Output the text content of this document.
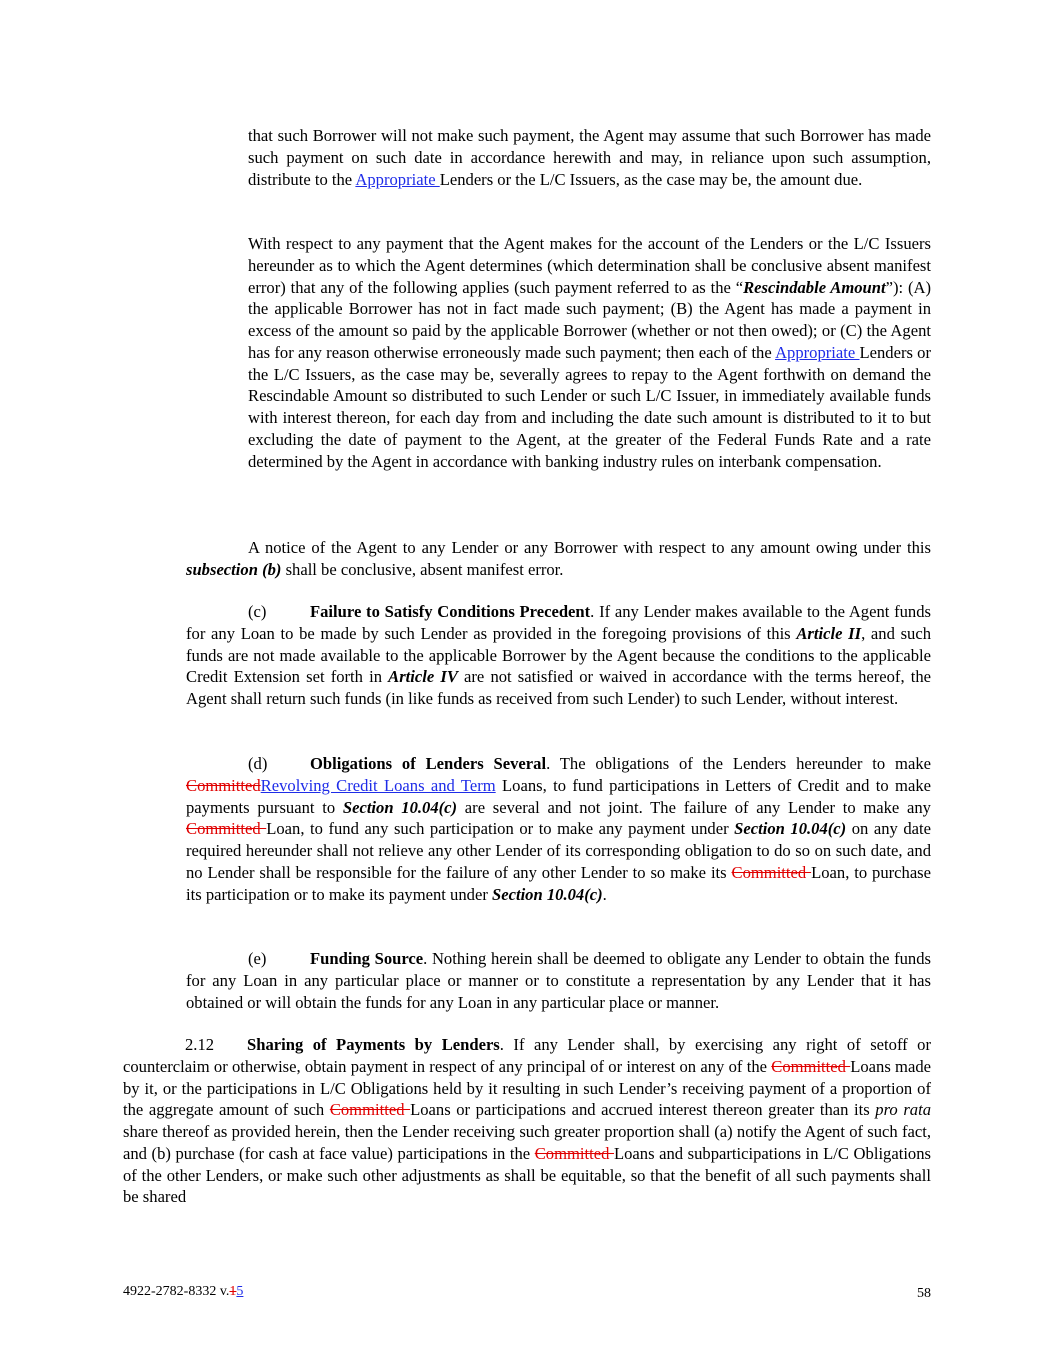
that such Borrower will not make such payment, the Agent may assume that such Borrower has made such payment on such date in accordance herewith and may, in reliance upon such assumption, distribute to the Appropriate Lenders or the L/C Issuers, as the case may be, the amount due.

With respect to any payment that the Agent makes for the account of the Lenders or the L/C Issuers hereunder as to which the Agent determines (which determination shall be conclusive absent manifest error) that any of the following applies (such payment referred to as the “Rescindable Amount”): (A) the applicable Borrower has not in fact made such payment; (B) the Agent has made a payment in excess of the amount so paid by the applicable Borrower (whether or not then owed); or (C) the Agent has for any reason otherwise erroneously made such payment; then each of the Appropriate Lenders or the L/C Issuers, as the case may be, severally agrees to repay to the Agent forthwith on demand the Rescindable Amount so distributed to such Lender or such L/C Issuer, in immediately available funds with interest thereon, for each day from and including the date such amount is distributed to it to but excluding the date of payment to the Agent, at the greater of the Federal Funds Rate and a rate determined by the Agent in accordance with banking industry rules on interbank compensation.

A notice of the Agent to any Lender or any Borrower with respect to any amount owing under this subsection (b) shall be conclusive, absent manifest error.

(c)	Failure to Satisfy Conditions Precedent. If any Lender makes available to the Agent funds for any Loan to be made by such Lender as provided in the foregoing provisions of this Article II, and such funds are not made available to the applicable Borrower by the Agent because the conditions to the applicable Credit Extension set forth in Article IV are not satisfied or waived in accordance with the terms hereof, the Agent shall return such funds (in like funds as received from such Lender) to such Lender, without interest.

(d)	Obligations of Lenders Several. The obligations of the Lenders hereunder to make CommittedRevolving Credit Loans and Term Loans, to fund participations in Letters of Credit and to make payments pursuant to Section 10.04(c) are several and not joint. The failure of any Lender to make any Committed Loan, to fund any such participation or to make any payment under Section 10.04(c) on any date required hereunder shall not relieve any other Lender of its corresponding obligation to do so on such date, and no Lender shall be responsible for the failure of any other Lender to so make its Committed Loan, to purchase its participation or to make its payment under Section 10.04(c).

(e)	Funding Source. Nothing herein shall be deemed to obligate any Lender to obtain the funds for any Loan in any particular place or manner or to constitute a representation by any Lender that it has obtained or will obtain the funds for any Loan in any particular place or manner.

2.12 Sharing of Payments by Lenders. If any Lender shall, by exercising any right of setoff or counterclaim or otherwise, obtain payment in respect of any principal of or interest on any of the Committed Loans made by it, or the participations in L/C Obligations held by it resulting in such Lender’s receiving payment of a proportion of the aggregate amount of such Committed Loans or participations and accrued interest thereon greater than its pro rata share thereof as provided herein, then the Lender receiving such greater proportion shall (a) notify the Agent of such fact, and (b) purchase (for cash at face value) participations in the Committed Loans and subparticipations in L/C Obligations of the other Lenders, or make such other adjustments as shall be equitable, so that the benefit of all such payments shall be shared

4922-2782-8332 v.15	58
